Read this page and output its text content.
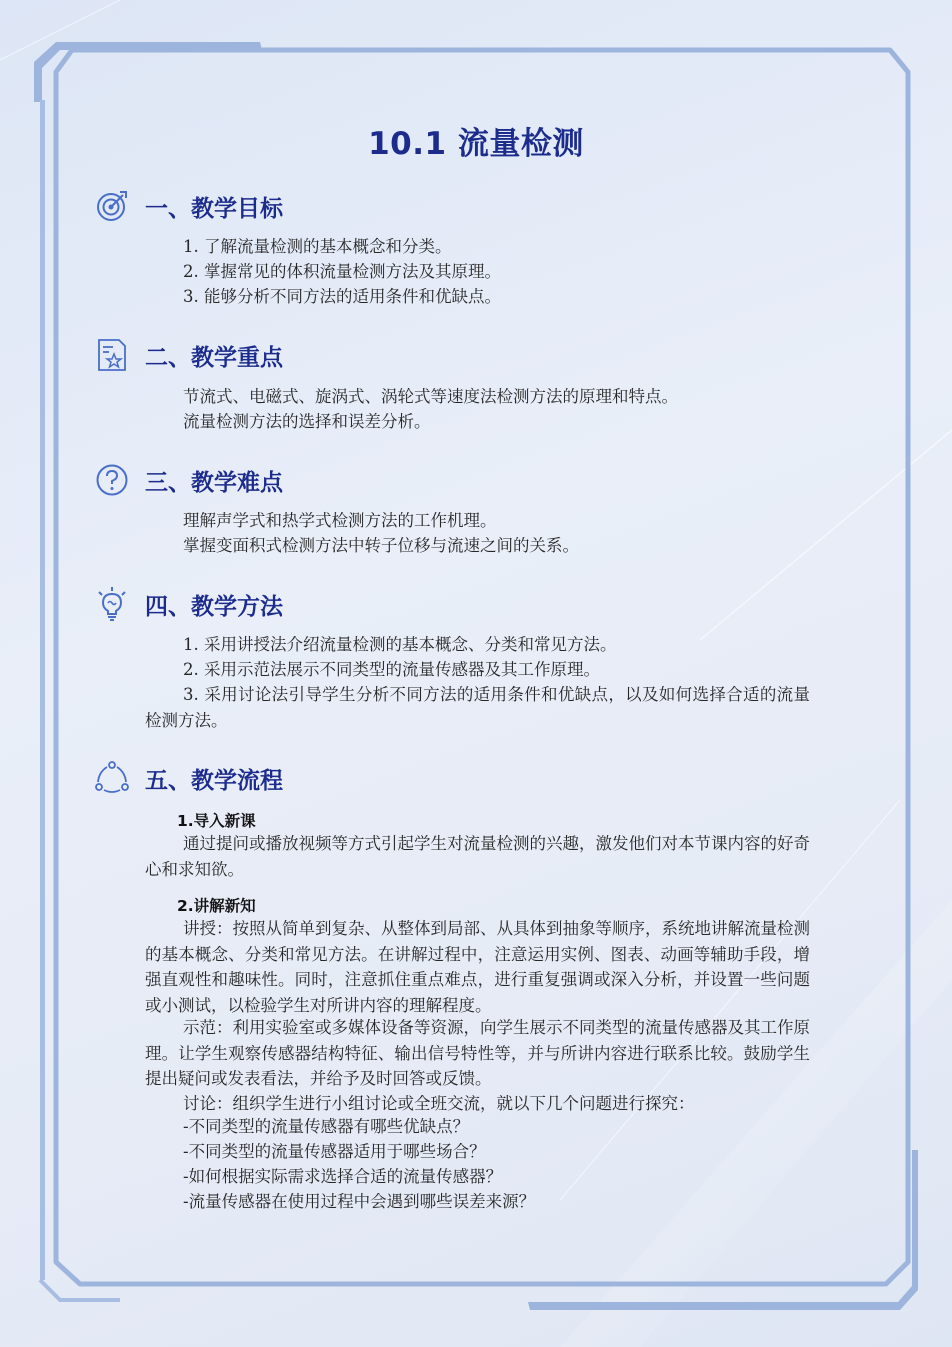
10.1 流量检测
一、教学目标
1. 了解流量检测的基本概念和分类。
2. 掌握常见的体积流量检测方法及其原理。
3. 能够分析不同方法的适用条件和优缺点。
二、教学重点
节流式、电磁式、旋涡式、涡轮式等速度法检测方法的原理和特点。
流量检测方法的选择和误差分析。
三、教学难点
理解声学式和热学式检测方法的工作机理。
掌握变面积式检测方法中转子位移与流速之间的关系。
四、教学方法
1. 采用讲授法介绍流量检测的基本概念、分类和常见方法。
2. 采用示范法展示不同类型的流量传感器及其工作原理。
3. 采用讨论法引导学生分析不同方法的适用条件和优缺点，以及如何选择合适的流量检测方法。
五、教学流程
1.导入新课
通过提问或播放视频等方式引起学生对流量检测的兴趣，激发他们对本节课内容的好奇心和求知欲。
2.讲解新知
讲授：按照从简单到复杂、从整体到局部、从具体到抽象等顺序，系统地讲解流量检测的基本概念、分类和常见方法。在讲解过程中，注意运用实例、图表、动画等辅助手段，增强直观性和趣味性。同时，注意抓住重点难点，进行重复强调或深入分析，并设置一些问题或小测试，以检验学生对所讲内容的理解程度。
示范：利用实验室或多媒体设备等资源，向学生展示不同类型的流量传感器及其工作原理。让学生观察传感器结构特征、输出信号特性等，并与所讲内容进行联系比较。鼓励学生提出疑问或发表看法，并给予及时回答或反馈。
讨论：组织学生进行小组讨论或全班交流，就以下几个问题进行探究：
-不同类型的流量传感器有哪些优缺点？
-不同类型的流量传感器适用于哪些场合？
-如何根据实际需求选择合适的流量传感器？
-流量传感器在使用过程中会遇到哪些误差来源？
